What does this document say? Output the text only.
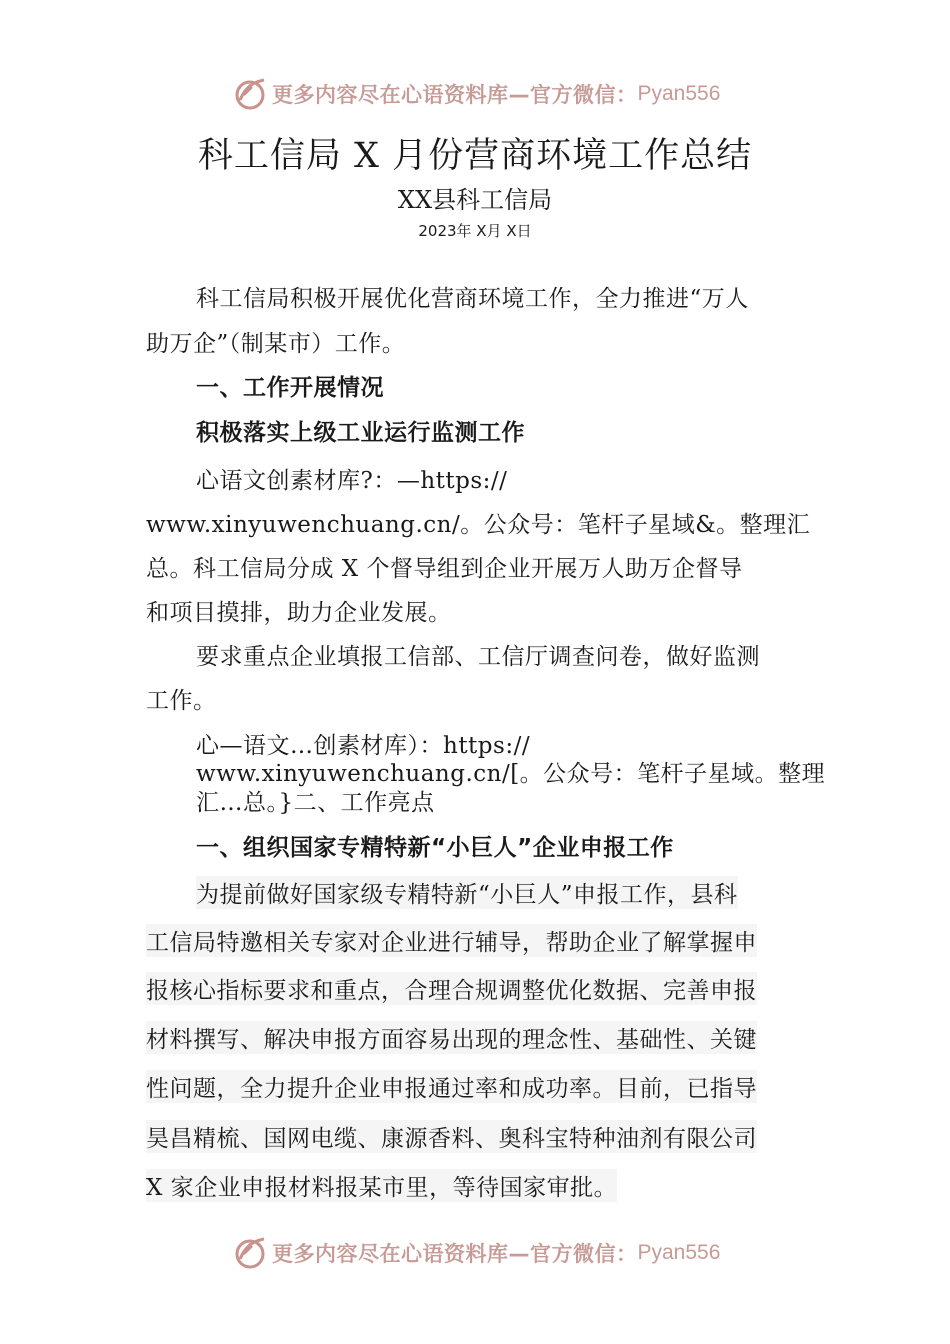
更多内容尽在心语资料库—官方微信： Pyan556
科工信局 X 月份营商环境工作总结
XX县科工信局
2023年 X月 X日
科工信局积极开展优化营商环境工作，全力推进“万人
助万企”（制某市）工作。
一、工作开展情况
积极落实上级工业运行监测工作
心语文创素材库?：—https://
www.xinyuwenchuang.cn/。公众号：笔杆子星域&。整理汇
总。科工信局分成 X 个督导组到企业开展万人助万企督导
和项目摸排，助力企业发展。
要求重点企业填报工信部、工信厅调查问卷，做好监测
工作。
心—语文…创素材库）：https://
www.xinyuwenchuang.cn/[。公众号：笔杆子星域。整理
汇…总。}二、工作亮点
一、组织国家专精特新“小巨人”企业申报工作
为提前做好国家级专精特新“小巨人”申报工作，县科
工信局特邀相关专家对企业进行辅导，帮助企业了解掌握申
报核心指标要求和重点，合理合规调整优化数据、完善申报
材料撰写、解决申报方面容易出现的理念性、基础性、关键
性问题，全力提升企业申报通过率和成功率。目前，已指导
昊昌精梳、国网电缆、康源香料、奥科宝特种油剂有限公司
X 家企业申报材料报某市里，等待国家审批。
更多内容尽在心语资料库—官方微信： Pyan556
